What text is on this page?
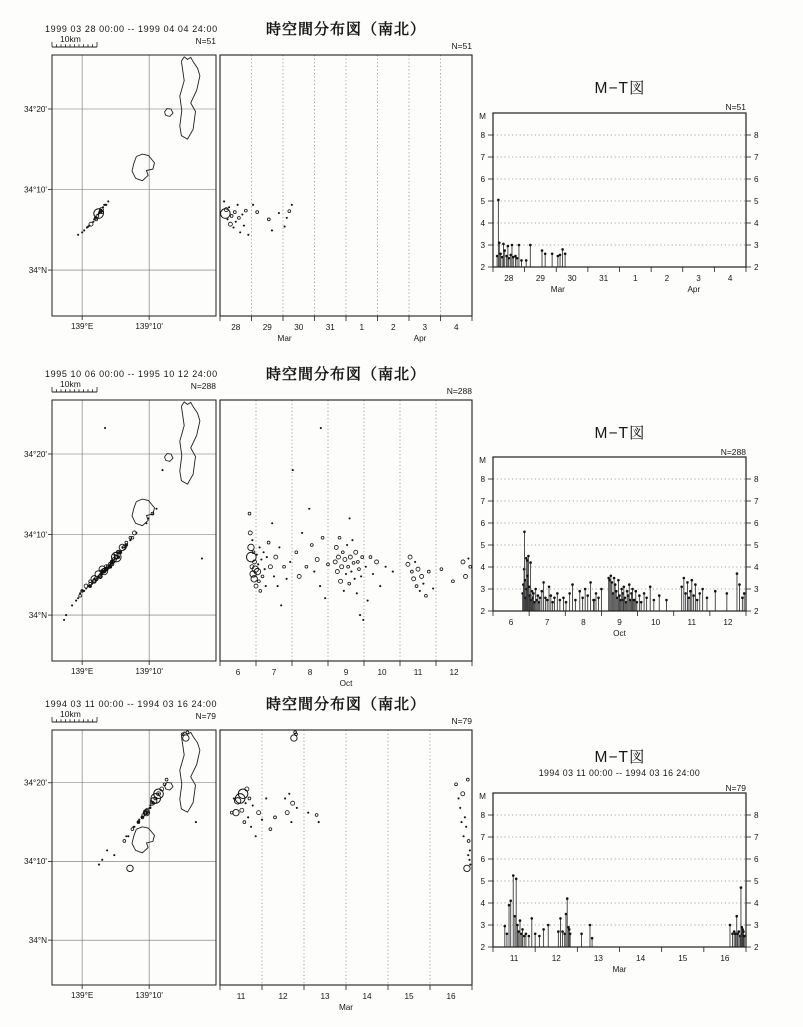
139°E	139°10'
34°20'
34°10'
34°N
28	29	30	31	1	2	3	4
Mar	Apr
2	2
3	3
4	4
5	5
6	6
7	7
8	8
M
28	29	30	31	1	2	3	4
Mar	Apr
1999 03 28 00:00 -- 1999 04 04 24:00
10km	N=51
時空間分布図（南北）
N=51
M−T図
N=51
139°E	139°10'
34°20'
34°10'
34°N
6	7	8	9	10	11	12
Oct
2	2
3	3
4	4
5	5
6	6
7	7
8	8
M
6	7	8	9	10	11	12
Oct
1995 10 06 00:00 -- 1995 10 12 24:00
10km	N=288
時空間分布図（南北）
N=288
M−T図
N=288
139°E	139°10'
34°20'
34°10'
34°N
11	12	13	14	15	16
Mar
2	2
3	3
4	4
5	5
6	6
7	7
8	8
M
11	12	13	14	15	16
Mar
1994 03 11 00:00 -- 1994 03 16 24:00
10km	N=79
時空間分布図（南北）
N=79
M−T図
1994 03 11 00:00 -- 1994 03 16 24:00
N=79
